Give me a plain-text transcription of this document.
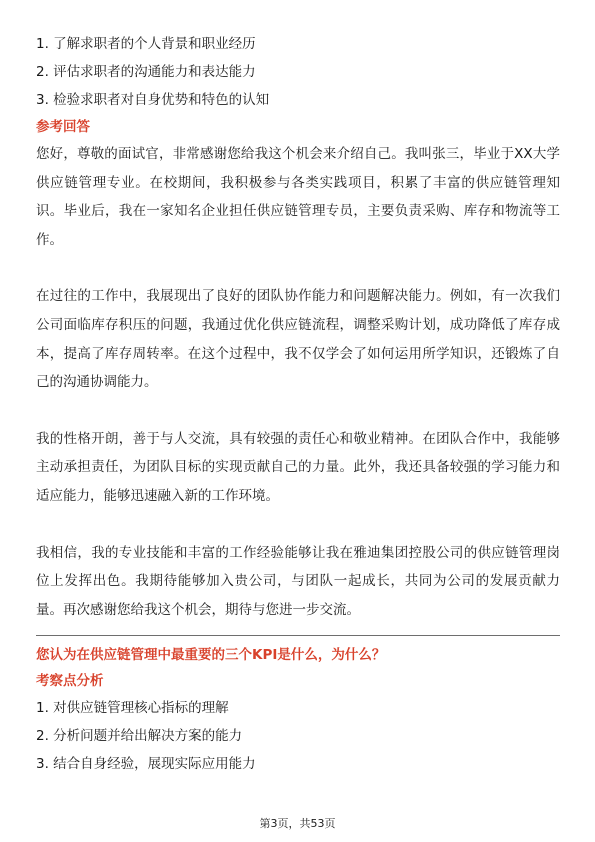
1. 了解求职者的个人背景和职业经历

2. 评估求职者的沟通能力和表达能力

3. 检验求职者对自身优势和特色的认知

参考回答

您好，尊敬的面试官，非常感谢您给我这个机会来介绍自己。我叫张三，毕业于XX大学供应链管理专业。在校期间，我积极参与各类实践项目，积累了丰富的供应链管理知识。毕业后，我在一家知名企业担任供应链管理专员，主要负责采购、库存和物流等工作。

在过往的工作中，我展现出了良好的团队协作能力和问题解决能力。例如，有一次我们公司面临库存积压的问题，我通过优化供应链流程，调整采购计划，成功降低了库存成本，提高了库存周转率。在这个过程中，我不仅学会了如何运用所学知识，还锻炼了自己的沟通协调能力。

我的性格开朗，善于与人交流，具有较强的责任心和敬业精神。在团队合作中，我能够主动承担责任，为团队目标的实现贡献自己的力量。此外，我还具备较强的学习能力和适应能力，能够迅速融入新的工作环境。

我相信，我的专业技能和丰富的工作经验能够让我在雅迪集团控股公司的供应链管理岗位上发挥出色。我期待能够加入贵公司，与团队一起成长，共同为公司的发展贡献力量。再次感谢您给我这个机会，期待与您进一步交流。

您认为在供应链管理中最重要的三个KPI是什么，为什么？

考察点分析

1. 对供应链管理核心指标的理解

2. 分析问题并给出解决方案的能力

3. 结合自身经验，展现实际应用能力

第3页，共53页
